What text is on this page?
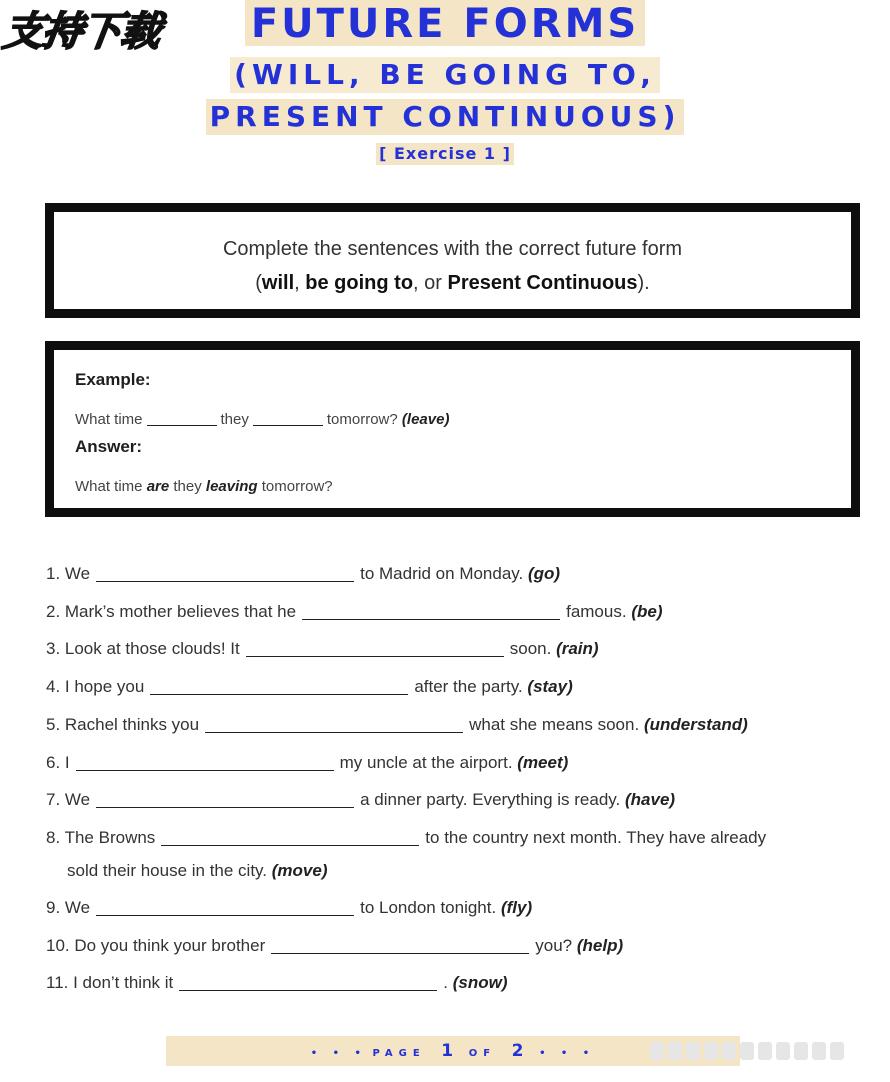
支持下载	FUTURE FORMS
(WILL, BE GOING TO,
PRESENT CONTINUOUS)
[ Exercise 1 ]
Complete the sentences with the correct future form
(will, be going to, or Present Continuous).
Example:
What time	they	tomorrow? (leave)
Answer:
What time are they leaving tomorrow?
1. We	to Madrid on Monday. (go)
2. Mark’s mother believes that he	famous. (be)
3. Look at those clouds! It	soon. (rain)
4. I hope you	after the party. (stay)
5. Rachel thinks you	what she means soon. (understand)
6. I	my uncle at the airport. (meet)
7. We	a dinner party. Everything is ready. (have)
8. The Browns	to the country next month. They have already
sold their house in the city. (move)
9. We	to London tonight. (fly)
10. Do you think your brother	you? (help)
11. I don’t think it	. (snow)
• • • PAGE 1 OF 2 • • •
